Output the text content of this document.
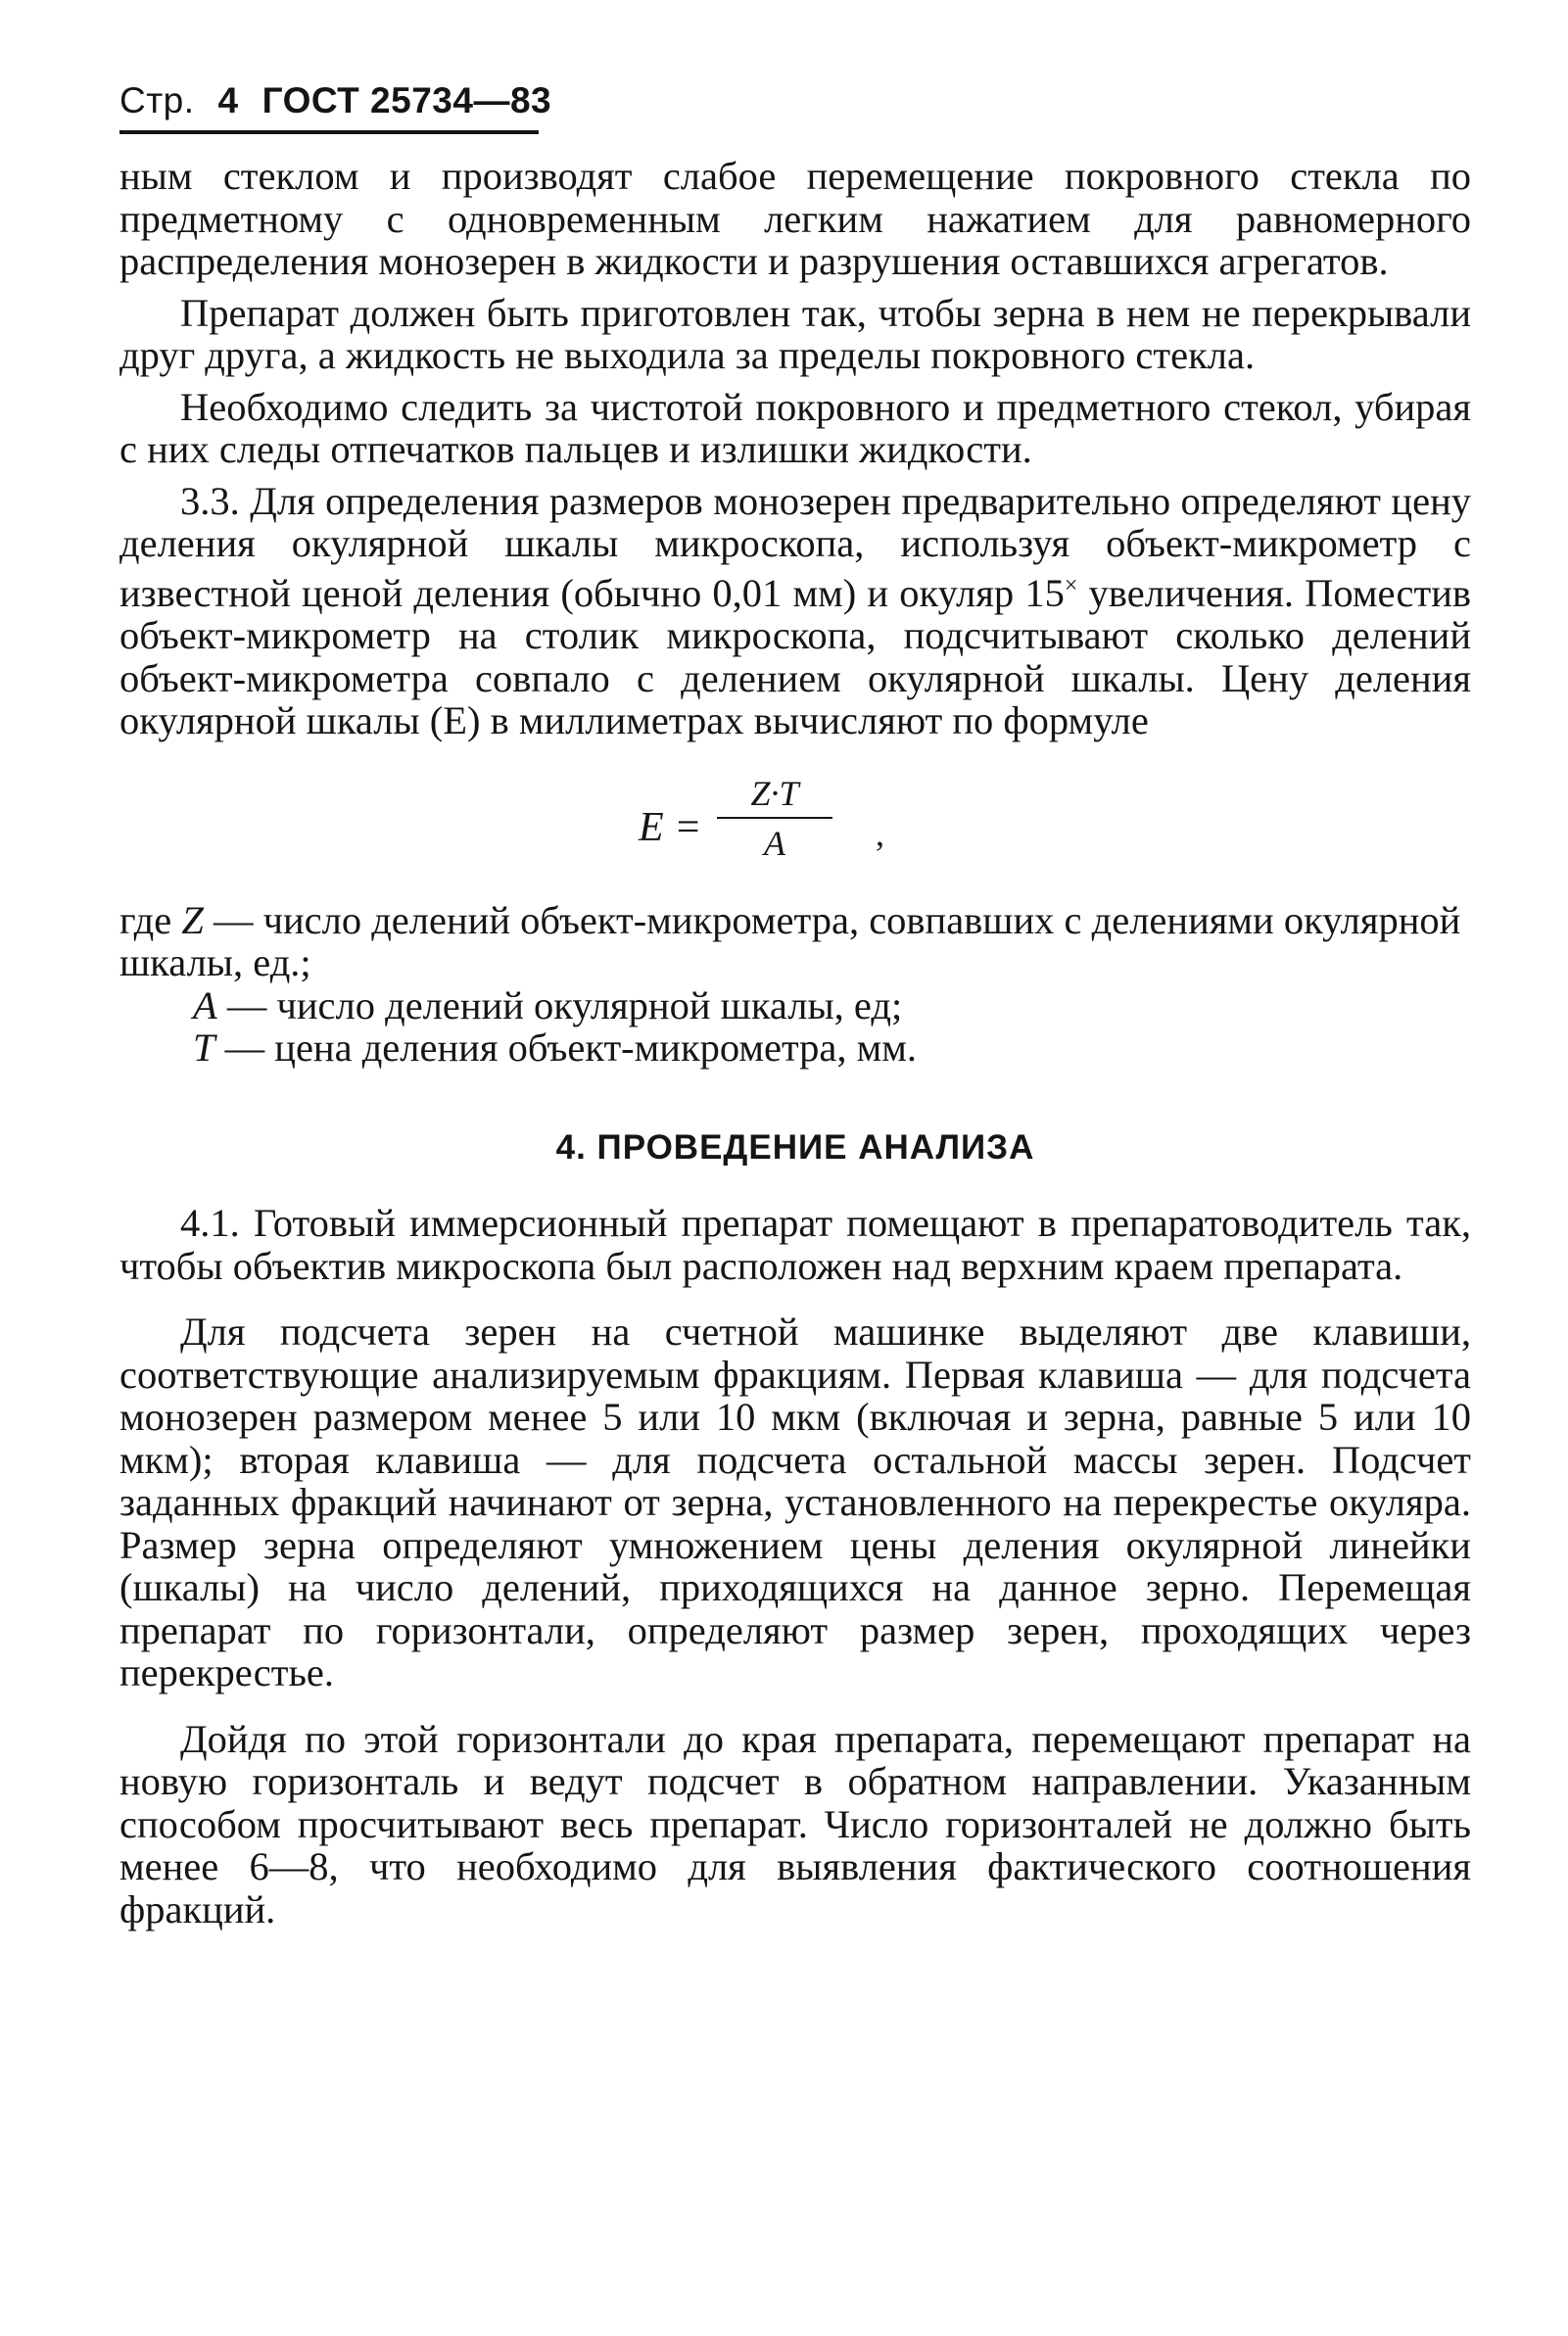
Стр. 4 ГОСТ 25734—83

ным стеклом и производят слабое перемещение покровного стекла по предметному с одновременным легким нажатием для равномерного распределения монозерен в жидкости и разрушения оставшихся агрегатов.

Препарат должен быть приготовлен так, чтобы зерна в нем не перекрывали друг друга, а жидкость не выходила за пределы покровного стекла.

Необходимо следить за чистотой покровного и предметного стекол, убирая с них следы отпечатков пальцев и излишки жидкости.

3.3. Для определения размеров монозерен предварительно определяют цену деления окулярной шкалы микроскопа, используя объект-микрометр с известной ценой деления (обычно 0,01 мм) и окуляр 15× увеличения. Поместив объект-микрометр на столик микроскопа, подсчитывают сколько делений объект-микрометра совпало с делением окулярной шкалы. Цену деления окулярной шкалы (Е) в миллиметрах вычисляют по формуле

E =
Z·T
A	,
где Z — число делений объект-микрометра, совпавших с делениями окулярной шкалы, ед.;
A — число делений окулярной шкалы, ед;
T — цена деления объект-микрометра, мм.
4. ПРОВЕДЕНИЕ АНАЛИЗА

4.1. Готовый иммерсионный препарат помещают в препаратоводитель так, чтобы объектив микроскопа был расположен над верхним краем препарата.

Для подсчета зерен на счетной машинке выделяют две клавиши, соответствующие анализируемым фракциям. Первая клавиша — для подсчета монозерен размером менее 5 или 10 мкм (включая и зерна, равные 5 или 10 мкм); вторая клавиша — для подсчета остальной массы зерен. Подсчет заданных фракций начинают от зерна, установленного на перекрестье окуляра. Размер зерна определяют умножением цены деления окулярной линейки (шкалы) на число делений, приходящихся на данное зерно. Перемещая препарат по горизонтали, определяют размер зерен, проходящих через перекрестье.

Дойдя по этой горизонтали до края препарата, перемещают препарат на новую горизонталь и ведут подсчет в обратном направлении. Указанным способом просчитывают весь препарат. Число горизонталей не должно быть менее 6—8, что необходимо для выявления фактического соотношения фракций.
